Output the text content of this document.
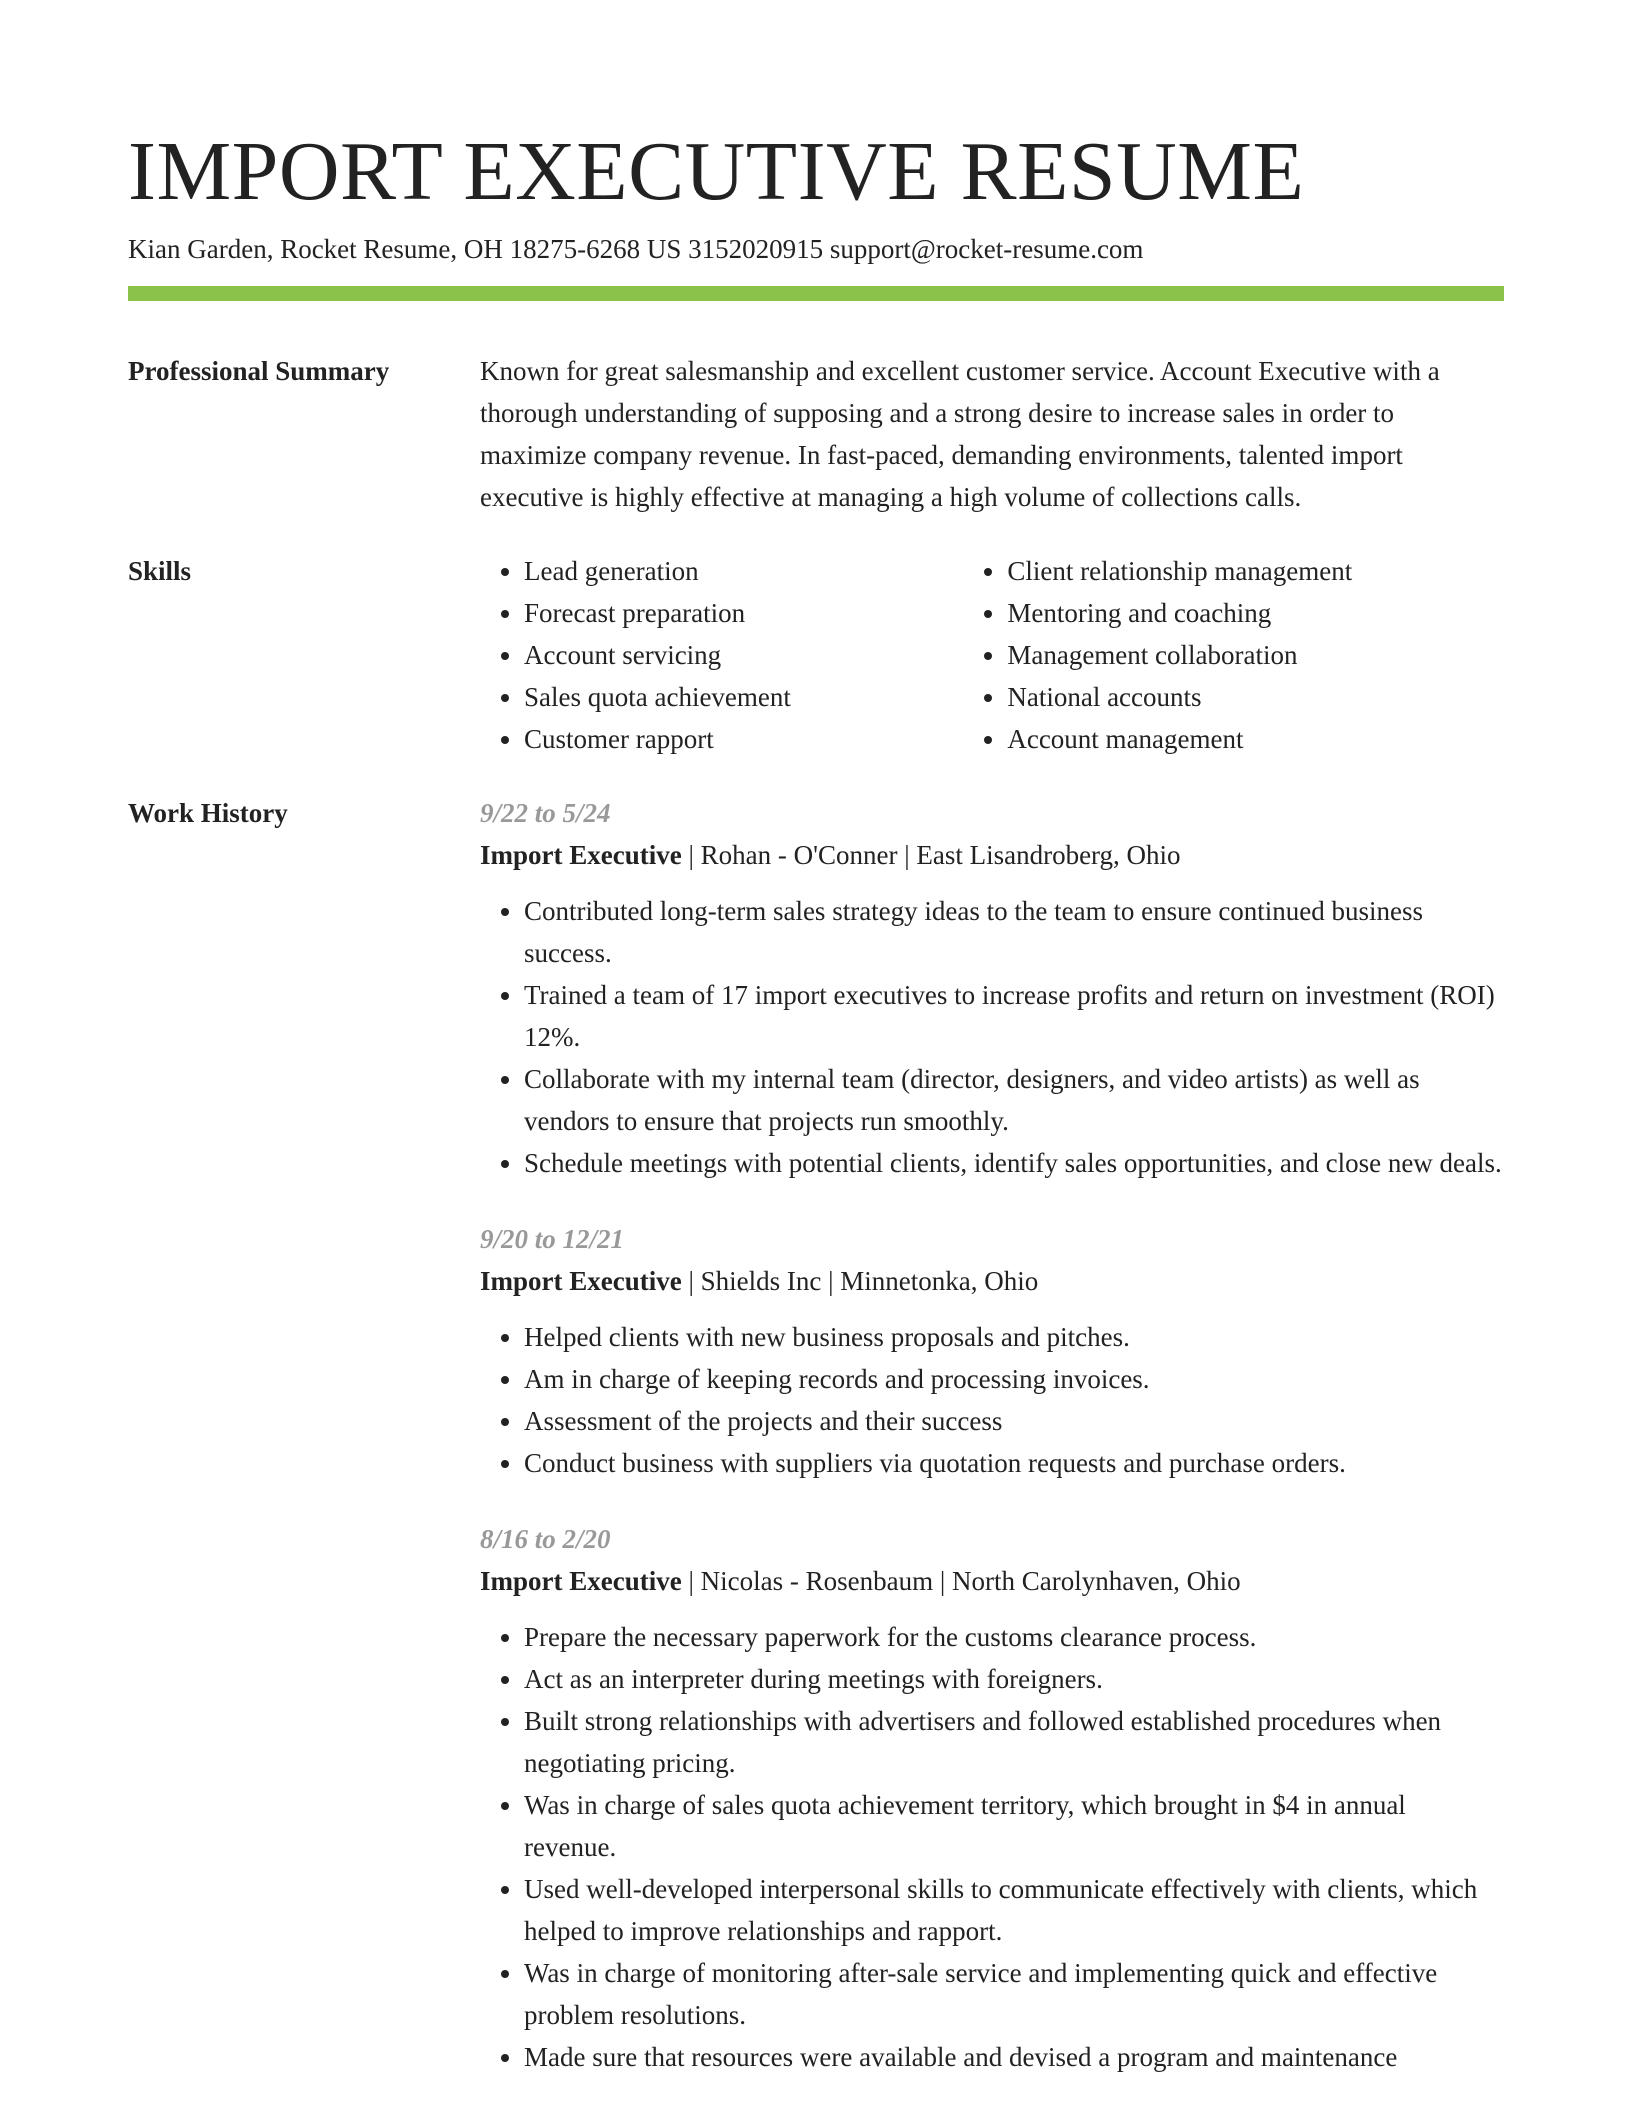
IMPORT EXECUTIVE RESUME
Kian Garden, Rocket Resume, OH 18275-6268 US 3152020915 support@rocket-resume.com
Professional Summary	Known for great salesmanship and excellent customer service. Account Executive with a thorough understanding of supposing and a strong desire to increase sales in order to maximize company revenue. In fast-paced, demanding environments, talented import executive is highly effective at managing a high volume of collections calls.

Skills
•	Lead generation
• Forecast preparation
• Account servicing
• Sales quota achievement
• Customer rapport
• Client relationship management
• Mentoring and coaching
• Management collaboration
• National accounts
• Account management
Work History	9/22 to 5/24

Import Executive | Rohan - O'Conner | East Lisandroberg, Ohio

• Contributed long-term sales strategy ideas to the team to ensure continued business success.
• Trained a team of 17 import executives to increase profits and return on investment (ROI) 12%.
• Collaborate with my internal team (director, designers, and video artists) as well as vendors to ensure that projects run smoothly.
• Schedule meetings with potential clients, identify sales opportunities, and close new deals.
9/20 to 12/21

Import Executive | Shields Inc | Minnetonka, Ohio

• Helped clients with new business proposals and pitches.
• Am in charge of keeping records and processing invoices.
• Assessment of the projects and their success
• Conduct business with suppliers via quotation requests and purchase orders.
8/16 to 2/20

Import Executive | Nicolas - Rosenbaum | North Carolynhaven, Ohio

• Prepare the necessary paperwork for the customs clearance process.
• Act as an interpreter during meetings with foreigners.
• Built strong relationships with advertisers and followed established procedures when negotiating pricing.
• Was in charge of sales quota achievement territory, which brought in $4 in annual revenue.
• Used well-developed interpersonal skills to communicate effectively with clients, which helped to improve relationships and rapport.
• Was in charge of monitoring after-sale service and implementing quick and effective problem resolutions.
• Made sure that resources were available and devised a program and maintenance
